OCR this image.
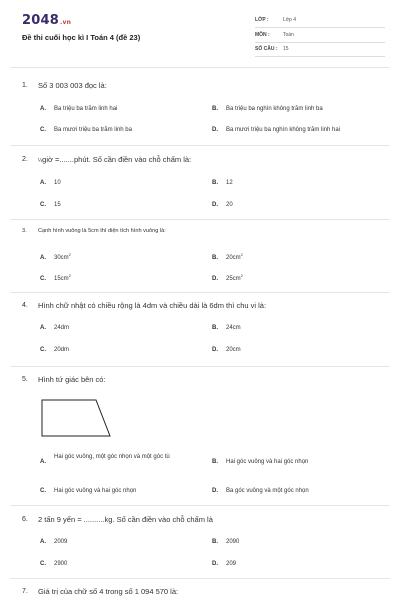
2048.vn
Đề thi cuối học kì I Toán 4 (đề 23)
LỚP :	Lớp 4
MÔN :	Toán
SỐ CÂU : 15
1. Số 3 003 003 đọc là:
A. Ba triệu ba trăm linh hai	B. Ba triệu ba nghìn không trăm linh ba
C. Ba mươi triệu ba trăm linh ba	D. Ba mươi triệu ba nghìn không trăm linh hai
2. ¼giờ =.......phút. Số cần điền vào chỗ chấm là:
A. 10	B. 12
C. 15	D. 20
3. Cạnh hình vuông là 5cm thì diện tích hình vuông là:
A. $30cm^2$
B. $20cm^2$
C. $15cm^2$
D. $25cm^2$
4. Hình chữ nhật có chiều rộng là 4dm và chiều dài là 6dm thì chu vi là:
A. 24dm	B. 24cm
C. 20dm	D. 20cm
5. Hình tứ giác bên có:
A.
Hai góc vuông, một góc nhọn và một góc tù
B. Hai góc vuông và hai góc nhọn
C. Hai góc vuông và hai góc nhọn	D. Ba góc vuông và một góc nhọn
6. 2 tấn 9 yến = ..........kg. Số cần điền vào chỗ chấm là
A. 2009	B. 2090
C. 2900	D. 209
7. Giá trị của chữ số 4 trong số 1 094 570 là:
